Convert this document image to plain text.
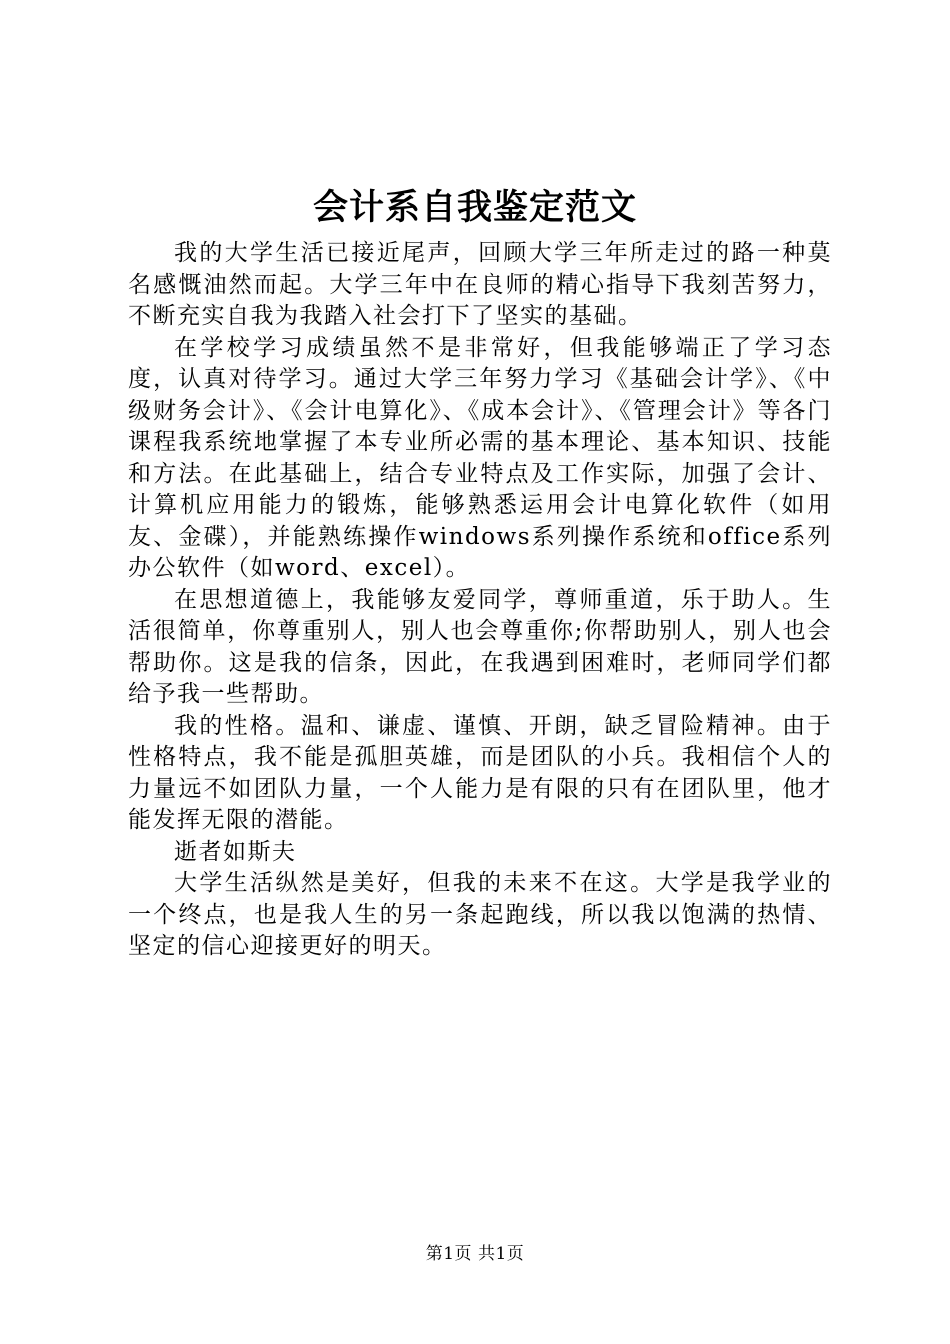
会计系自我鉴定范文

我的大学生活已接近尾声，回顾大学三年所走过的路一种莫名感慨油然而起。大学三年中在良师的精心指导下我刻苦努力，不断充实自我为我踏入社会打下了坚实的基础。

在学校学习成绩虽然不是非常好，但我能够端正了学习态度，认真对待学习。通过大学三年努力学习《基础会计学》、《中级财务会计》、《会计电算化》、《成本会计》、《管理会计》等各门课程我系统地掌握了本专业所必需的基本理论、基本知识、技能和方法。在此基础上，结合专业特点及工作实际，加强了会计、计算机应用能力的锻炼，能够熟悉运用会计电算化软件（如用友、金碟），并能熟练操作windows系列操作系统和office系列办公软件（如word、excel）。

在思想道德上，我能够友爱同学，尊师重道，乐于助人。生活很简单，你尊重别人，别人也会尊重你;你帮助别人，别人也会帮助你。这是我的信条，因此，在我遇到困难时，老师同学们都给予我一些帮助。

我的性格。温和、谦虚、谨慎、开朗，缺乏冒险精神。由于性格特点，我不能是孤胆英雄，而是团队的小兵。我相信个人的力量远不如团队力量，一个人能力是有限的只有在团队里，他才能发挥无限的潜能。

逝者如斯夫

大学生活纵然是美好，但我的未来不在这。大学是我学业的一个终点，也是我人生的另一条起跑线，所以我以饱满的热情、坚定的信心迎接更好的明天。

第1页 共1页
